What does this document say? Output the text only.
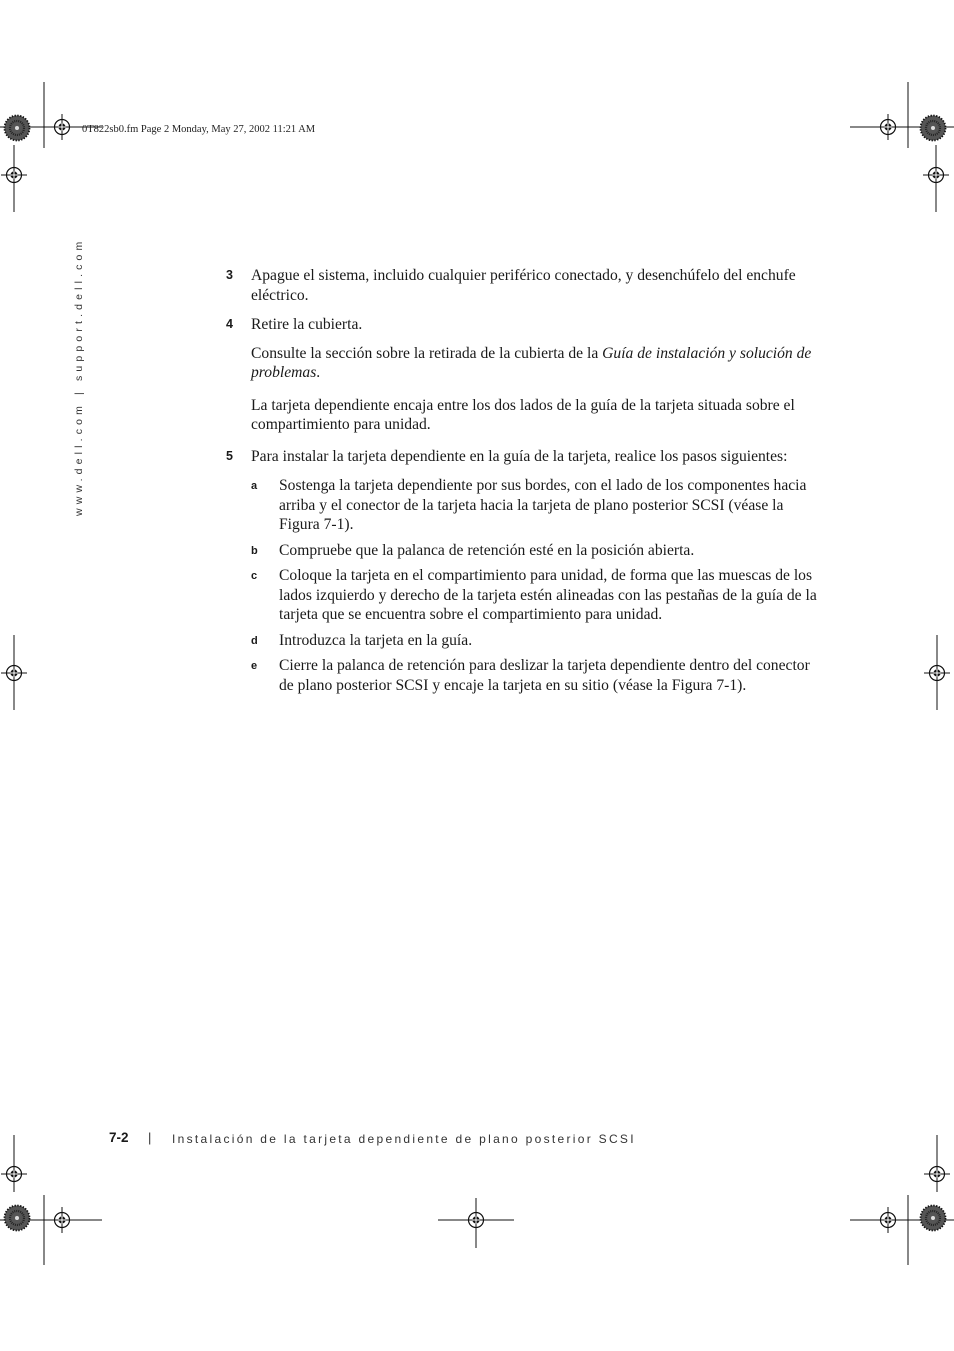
0T822sb0.fm Page 2 Monday, May 27, 2002 11:21 AM
www.dell.com | support.dell.com	3 Apague el sistema, incluido cualquier periférico conectado, y desenchúfelo del enchufe eléctrico.
4 Retire la cubierta.
Consulte la sección sobre la retirada de la cubierta de la Guía de instalación y solución de problemas.
La tarjeta dependiente encaja entre los dos lados de la guía de la tarjeta situada sobre el compartimiento para unidad.
5 Para instalar la tarjeta dependiente en la guía de la tarjeta, realice los pasos siguientes:
a Sostenga la tarjeta dependiente por sus bordes, con el lado de los componentes hacia arriba y el conector de la tarjeta hacia la tarjeta de plano posterior SCSI (véase la Figura 7-1).
b Compruebe que la palanca de retención esté en la posición abierta.
c Coloque la tarjeta en el compartimiento para unidad, de forma que las muescas de los lados izquierdo y derecho de la tarjeta estén alineadas con las pestañas de la guía de la tarjeta que se encuentra sobre el compartimiento para unidad.
d Introduzca la tarjeta en la guía.
e Cierre la palanca de retención para deslizar la tarjeta dependiente dentro del conector de plano posterior SCSI y encaje la tarjeta en su sitio (véase la Figura 7-1).
7-2 | Instalación de la tarjeta dependiente de plano posterior SCSI
